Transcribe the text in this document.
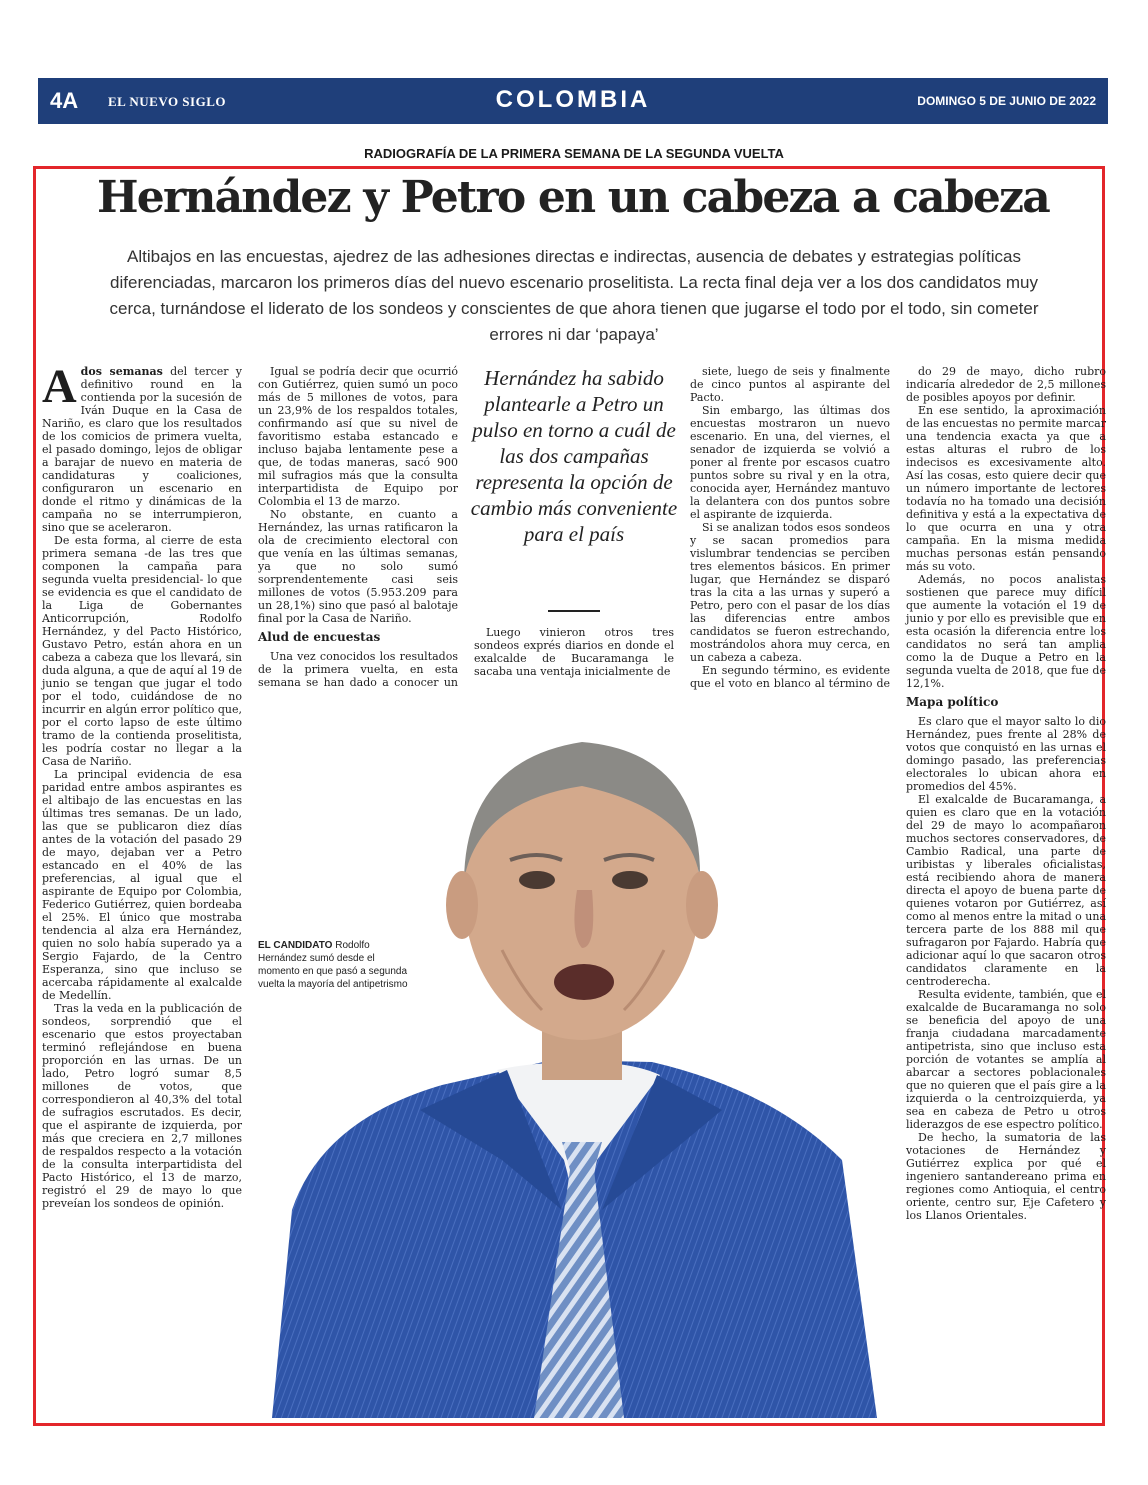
4A EL NUEVO SIGLO	COLOMBIA	DOMINGO 5 DE JUNIO DE 2022
RADIOGRAFÍA DE LA PRIMERA SEMANA DE LA SEGUNDA VUELTA
Hernández y Petro en un cabeza a cabeza
Altibajos en las encuestas, ajedrez de las adhesiones directas e indirectas, ausencia de debates y estrategias políticas diferenciadas, marcaron los primeros días del nuevo escenario proselitista. La recta final deja ver a los dos candidatos muy cerca, turnándose el liderato de los sondeos y conscientes de que ahora tienen que jugarse el todo por el todo, sin cometer errores ni dar ‘papaya’

A dos semanas del tercer y definitivo round en la contienda por la sucesión de Iván Duque en la Casa de Nariño, es claro que los resultados de los comicios de primera vuelta, el pasado domingo, lejos de obligar a barajar de nuevo en materia de candidaturas y coaliciones, configuraron un escenario en donde el ritmo y dinámicas de la campaña no se interrumpieron, sino que se aceleraron.

De esta forma, al cierre de esta primera semana -de las tres que componen la campaña para segunda vuelta presidencial- lo que se evidencia es que el candidato de la Liga de Gobernantes Anticorrupción, Rodolfo Hernández, y del Pacto Histórico, Gustavo Petro, están ahora en un cabeza a cabeza que los llevará, sin duda alguna, a que de aquí al 19 de junio se tengan que jugar el todo por el todo, cuidándose de no incurrir en algún error político que, por el corto lapso de este último tramo de la contienda proselitista, les podría costar no llegar a la Casa de Nariño.

La principal evidencia de esa paridad entre ambos aspirantes es el altibajo de las encuestas en las últimas tres semanas. De un lado, las que se publicaron diez días antes de la votación del pasado 29 de mayo, dejaban ver a Petro estancado en el 40% de las preferencias, al igual que el aspirante de Equipo por Colombia, Federico Gutiérrez, quien bordeaba el 25%. El único que mostraba tendencia al alza era Hernández, quien no solo había superado ya a Sergio Fajardo, de la Centro Esperanza, sino que incluso se acercaba rápidamente al exalcalde de Medellín.

Tras la veda en la publicación de sondeos, sorprendió que el escenario que estos proyectaban terminó reflejándose en buena proporción en las urnas. De un lado, Petro logró sumar 8,5 millones de votos, que correspondieron al 40,3% del total de sufragios escrutados. Es decir, que el aspirante de izquierda, por más que creciera en 2,7 millones de respaldos respecto a la votación de la consulta interpartidista del Pacto Histórico, el 13 de marzo, registró el 29 de mayo lo que preveían los sondeos de opinión.

Igual se podría decir que ocurrió con Gutiérrez, quien sumó un poco más de 5 millones de votos, para un 23,9% de los respaldos totales, confirmando así que su nivel de favoritismo estaba estancado e incluso bajaba lentamente pese a que, de todas maneras, sacó 900 mil sufragios más que la consulta interpartidista de Equipo por Colombia el 13 de marzo.

No obstante, en cuanto a Hernández, las urnas ratificaron la ola de crecimiento electoral con que venía en las últimas semanas, ya que no solo sumó sorprendentemente casi seis millones de votos (5.953.209 para un 28,1%) sino que pasó al balotaje final por la Casa de Nariño.

Alud de encuestas

Una vez conocidos los resultados de la primera vuelta, en esta semana se han dado a conocer un

Hernández ha sabido plantearle a Petro un pulso en torno a cuál de las dos campañas representa la opción de cambio más conveniente para el país

Luego vinieron otros tres sondeos exprés diarios en donde el exalcalde de Bucaramanga le sacaba una ventaja inicialmente de

siete, luego de seis y finalmente de cinco puntos al aspirante del Pacto.

Sin embargo, las últimas dos encuestas mostraron un nuevo escenario. En una, del viernes, el senador de izquierda se volvió a poner al frente por escasos cuatro puntos sobre su rival y en la otra, conocida ayer, Hernández mantuvo la delantera con dos puntos sobre el aspirante de izquierda.

Si se analizan todos esos sondeos y se sacan promedios para vislumbrar tendencias se perciben tres elementos básicos. En primer lugar, que Hernández se disparó tras la cita a las urnas y superó a Petro, pero con el pasar de los días las diferencias entre ambos candidatos se fueron estrechando, mostrándolos ahora muy cerca, en un cabeza a cabeza.

En segundo término, es evidente que el voto en blanco al término de

do 29 de mayo, dicho rubro indicaría alrededor de 2,5 millones de posibles apoyos por definir.

En ese sentido, la aproximación de las encuestas no permite marcar una tendencia exacta ya que a estas alturas el rubro de los indecisos es excesivamente alto. Así las cosas, esto quiere decir que un número importante de lectores todavía no ha tomado una decisión definitiva y está a la expectativa de lo que ocurra en una y otra campaña. En la misma medida muchas personas están pensando más su voto.

Además, no pocos analistas sostienen que parece muy difícil que aumente la votación el 19 de junio y por ello es previsible que en esta ocasión la diferencia entre los candidatos no será tan amplia como la de Duque a Petro en la segunda vuelta de 2018, que fue de 12,1%.

Mapa político

Es claro que el mayor salto lo dio Hernández, pues frente al 28% de votos que conquistó en las urnas el domingo pasado, las preferencias electorales lo ubican ahora en promedios del 45%.

El exalcalde de Bucaramanga, a quien es claro que en la votación del 29 de mayo lo acompañaron muchos sectores conservadores, de Cambio Radical, una parte de uribistas y liberales oficialistas, está recibiendo ahora de manera directa el apoyo de buena parte de quienes votaron por Gutiérrez, así como al menos entre la mitad o una tercera parte de los 888 mil que sufragaron por Fajardo. Habría que adicionar aquí lo que sacaron otros candidatos claramente en la centroderecha.

Resulta evidente, también, que el exalcalde de Bucaramanga no solo se beneficia del apoyo de una franja ciudadana marcadamente antipetrista, sino que incluso esta porción de votantes se amplía al abarcar a sectores poblacionales que no quieren que el país gire a la izquierda o la centroizquierda, ya sea en cabeza de Petro u otros liderazgos de ese espectro político.

De hecho, la sumatoria de las votaciones de Hernández y Gutiérrez explica por qué el ingeniero santandereano prima en regiones como Antioquia, el centro oriente, centro sur, Eje Cafetero y los Llanos Orientales.

EL CANDIDATO Rodolfo Hernández sumó desde el momento en que pasó a segunda vuelta la mayoría del antipetrismo
